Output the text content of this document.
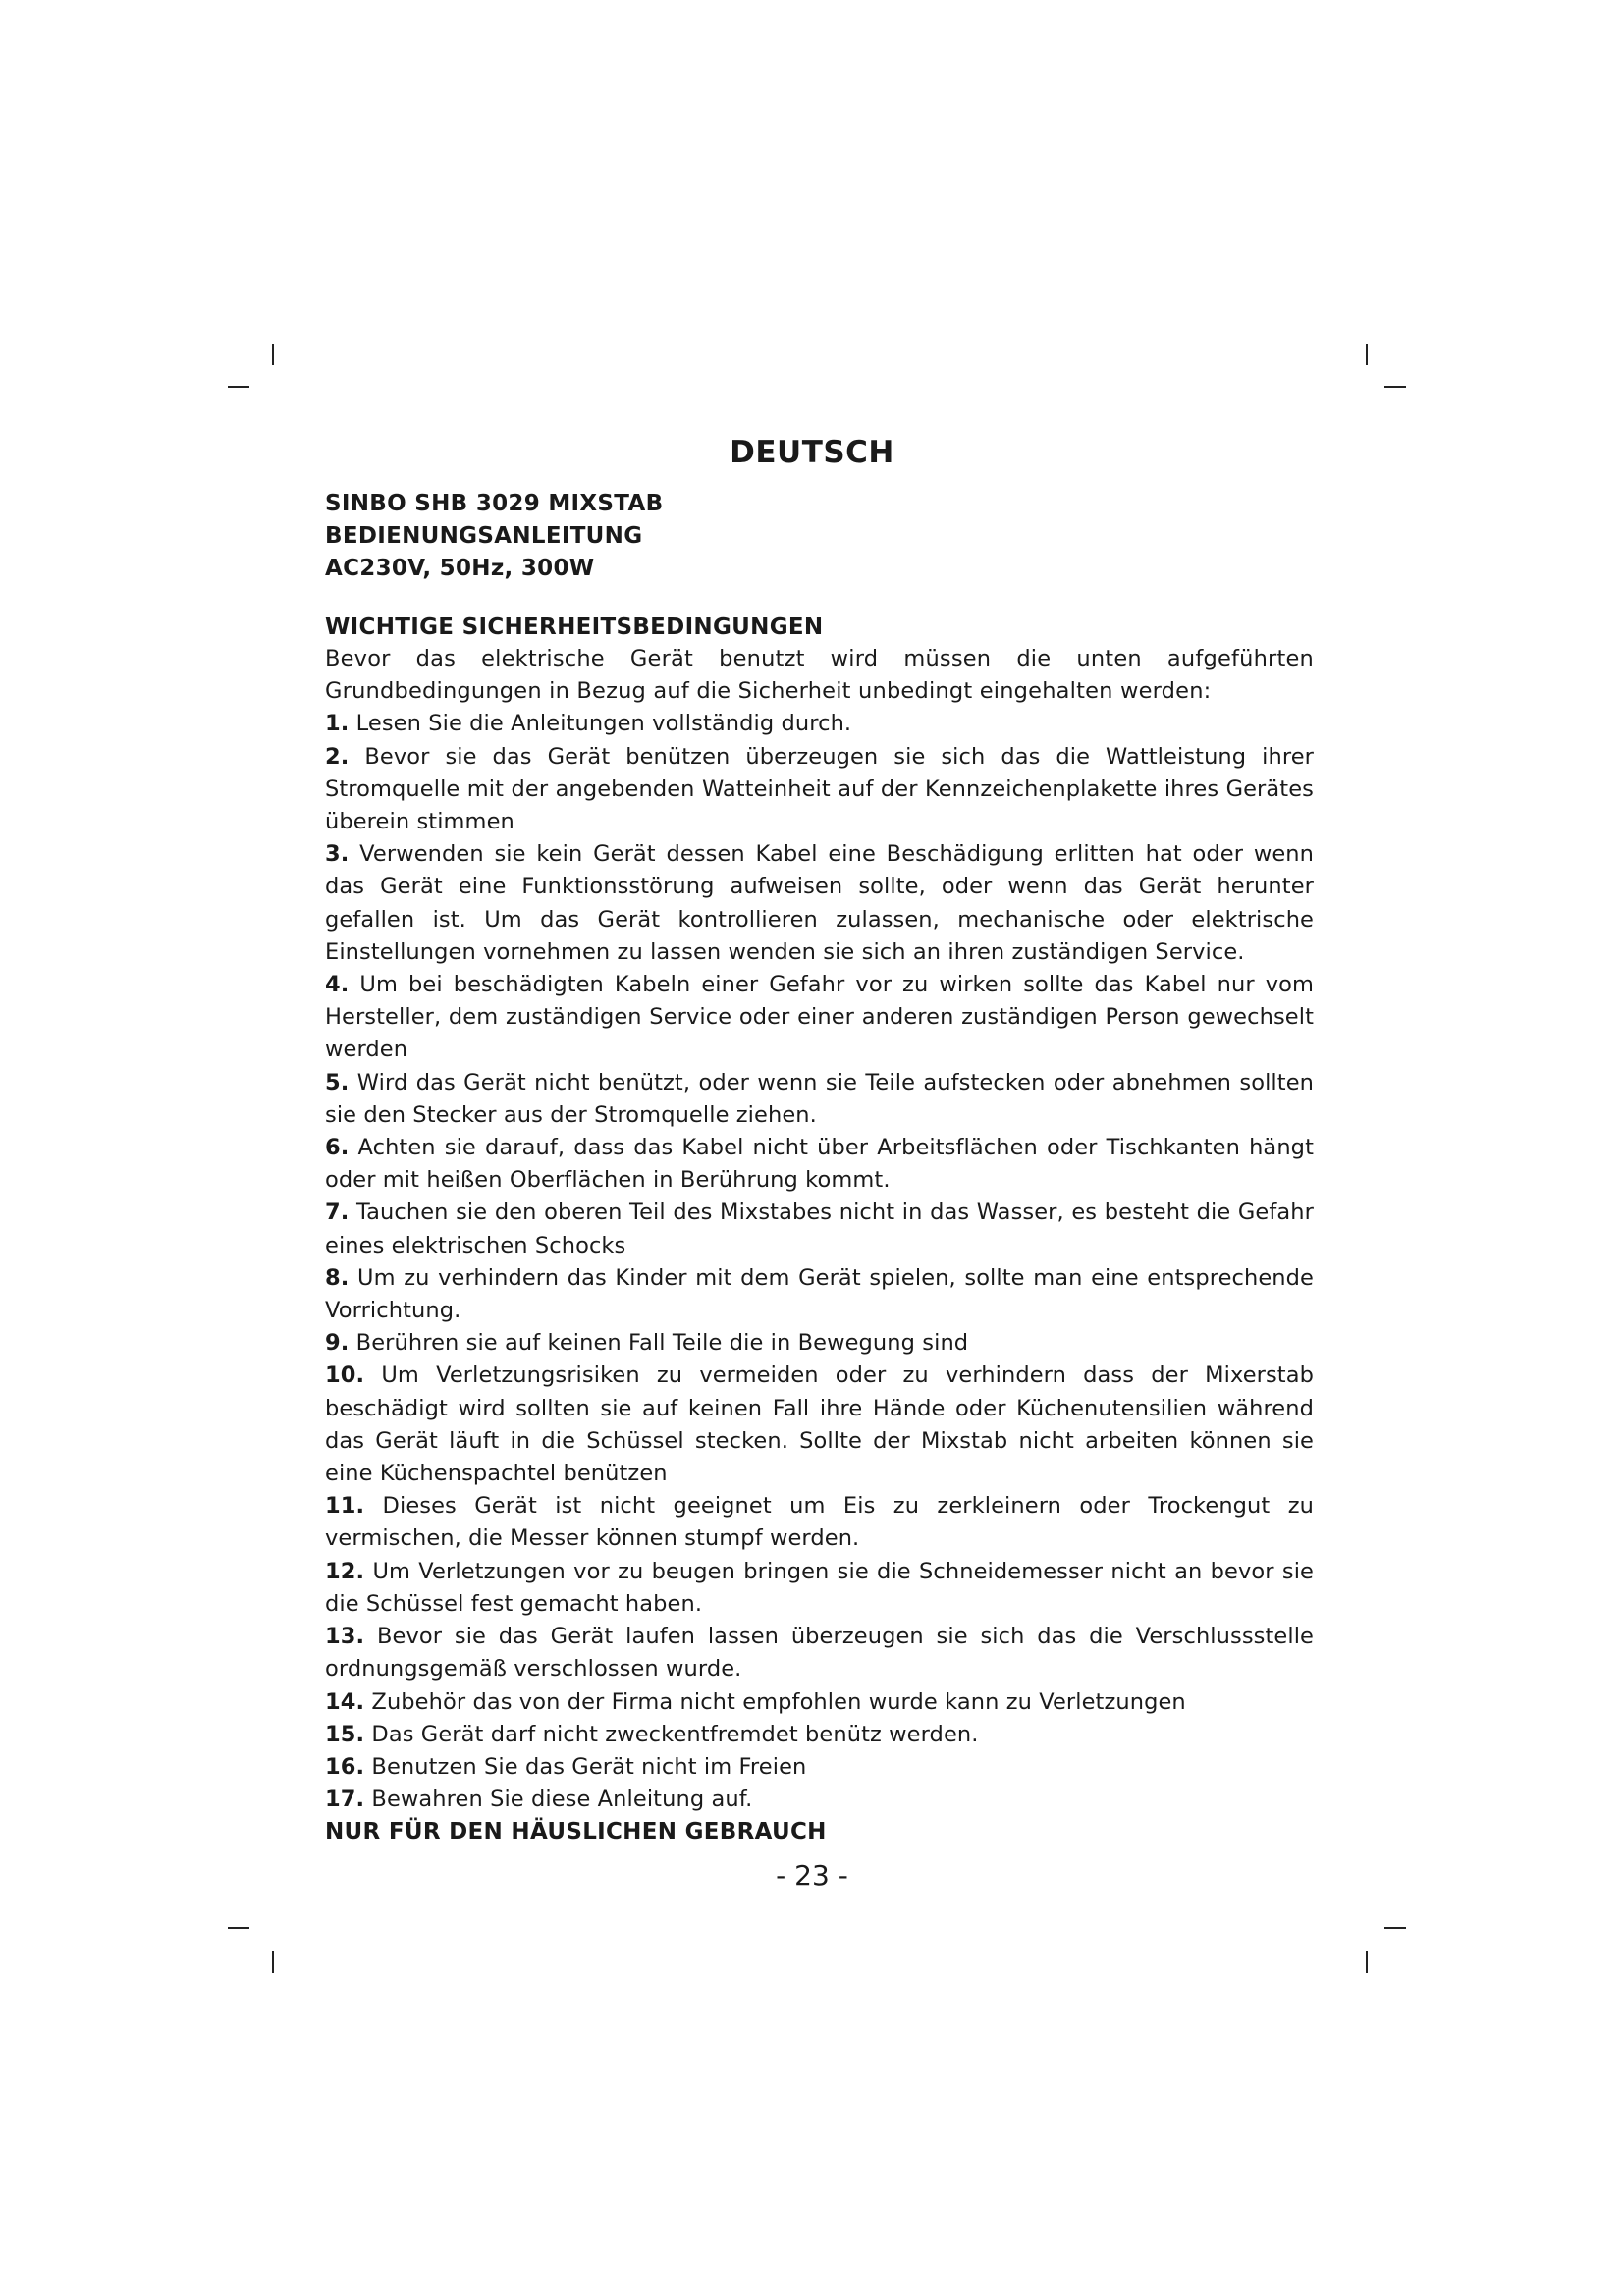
DEUTSCH
SINBO SHB 3029 MIXSTAB
BEDIENUNGSANLEITUNG
AC230V, 50Hz, 300W
WICHTIGE SICHERHEITSBEDINGUNGEN
Bevor das elektrische Gerät benutzt wird müssen die unten aufgeführten Grundbedingungen in Bezug auf die Sicherheit unbedingt eingehalten werden:
1. Lesen Sie die Anleitungen vollständig durch.
2. Bevor sie das Gerät benützen überzeugen sie sich das die Wattleistung ihrer Stromquelle mit der angebenden Watteinheit auf der Kennzeichenplakette ihres Gerätes überein stimmen
3. Verwenden sie kein Gerät dessen Kabel eine Beschädigung erlitten hat oder wenn das Gerät eine Funktionsstörung aufweisen sollte, oder wenn das Gerät herunter gefallen ist. Um das Gerät kontrollieren zulassen, mechanische oder elektrische Einstellungen vornehmen zu lassen wenden sie sich an ihren zuständigen Service.
4. Um bei beschädigten Kabeln einer Gefahr vor zu wirken sollte das Kabel nur vom Hersteller, dem zuständigen Service oder einer anderen zuständigen Person gewechselt werden
5. Wird das Gerät nicht benützt, oder wenn sie Teile aufstecken oder abnehmen sollten sie den Stecker aus der Stromquelle ziehen.
6. Achten sie darauf, dass das Kabel nicht über Arbeitsflächen oder Tischkanten hängt oder mit heißen Oberflächen in Berührung kommt.
7. Tauchen sie den oberen Teil des Mixstabes nicht in das Wasser, es besteht die Gefahr eines elektrischen Schocks
8. Um zu verhindern das Kinder mit dem Gerät spielen, sollte man eine entsprechende Vorrichtung.
9. Berühren sie auf keinen Fall Teile die in Bewegung sind
10. Um Verletzungsrisiken zu vermeiden oder zu verhindern dass der Mixerstab beschädigt wird sollten sie auf keinen Fall ihre Hände oder Küchenutensilien während das Gerät läuft in die Schüssel stecken. Sollte der Mixstab nicht arbeiten können sie eine Küchenspachtel benützen
11. Dieses Gerät ist nicht geeignet um Eis zu zerkleinern oder Trockengut zu vermischen, die Messer können stumpf werden.
12. Um Verletzungen vor zu beugen bringen sie die Schneidemesser nicht an bevor sie die Schüssel fest gemacht haben.
13. Bevor sie das Gerät laufen lassen überzeugen sie sich das die Verschlussstelle ordnungsgemäß verschlossen wurde.
14. Zubehör das von der Firma nicht empfohlen wurde kann zu Verletzungen
15. Das Gerät darf nicht zweckentfremdet benütz werden.
16. Benutzen Sie das Gerät nicht im Freien
17. Bewahren Sie diese Anleitung auf.
NUR FÜR DEN HÄUSLICHEN GEBRAUCH
- 23 -
